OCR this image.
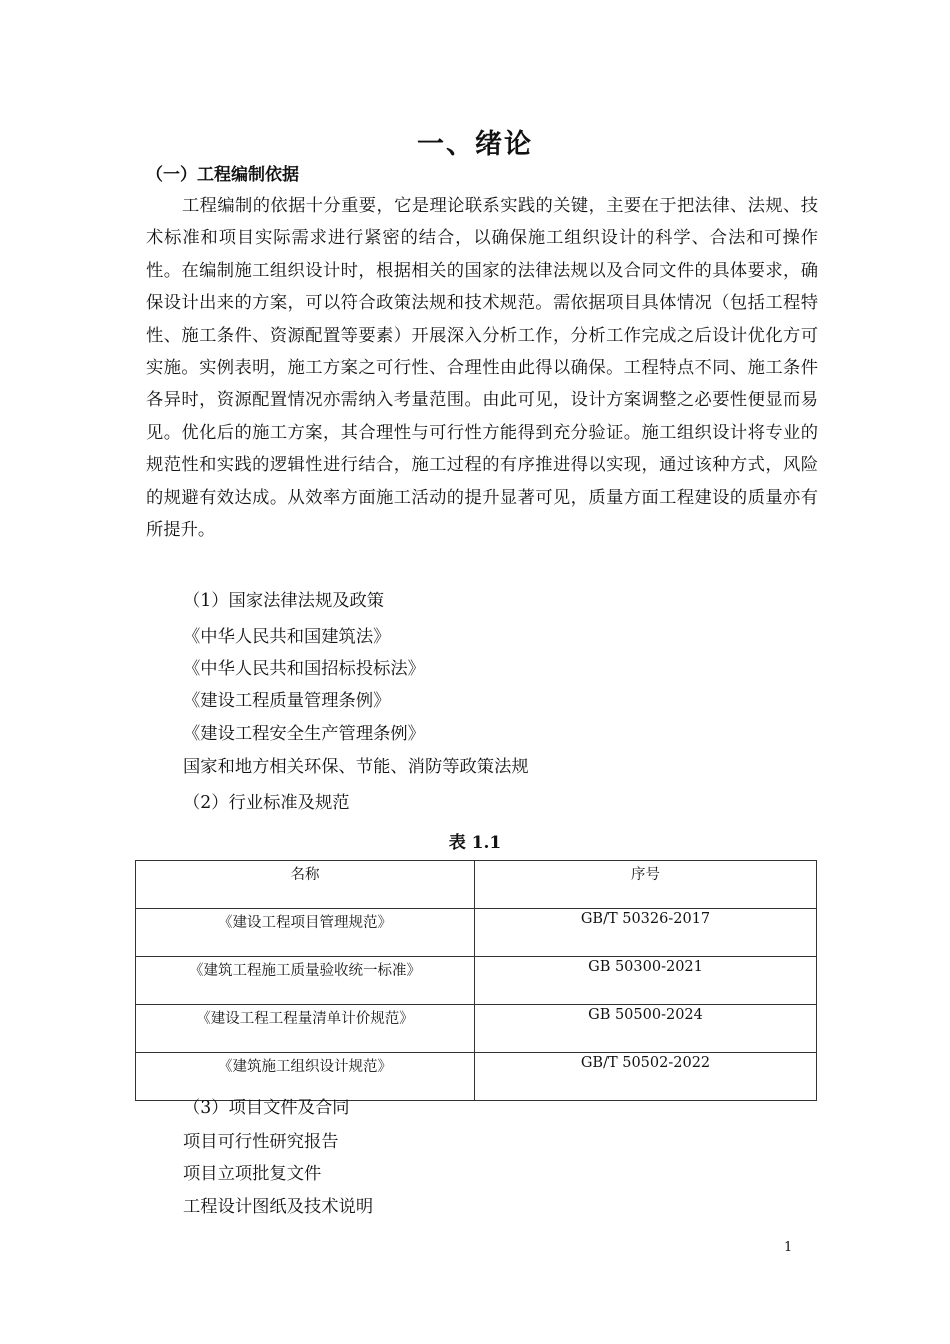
一、绪论
（一）工程编制依据

工程编制的依据十分重要，它是理论联系实践的关键，主要在于把法律、法规、技术标准和项目实际需求进行紧密的结合，以确保施工组织设计的科学、合法和可操作性。在编制施工组织设计时，根据相关的国家的法律法规以及合同文件的具体要求，确保设计出来的方案，可以符合政策法规和技术规范。需依据项目具体情况（包括工程特性、施工条件、资源配置等要素）开展深入分析工作，分析工作完成之后设计优化方可实施。实例表明，施工方案之可行性、合理性由此得以确保。工程特点不同、施工条件各异时，资源配置情况亦需纳入考量范围。由此可见，设计方案调整之必要性便显而易见。优化后的施工方案，其合理性与可行性方能得到充分验证。施工组织设计将专业的规范性和实践的逻辑性进行结合，施工过程的有序推进得以实现，通过该种方式，风险的规避有效达成。从效率方面施工活动的提升显著可见，质量方面工程建设的质量亦有所提升。

（1）国家法律法规及政策
《中华人民共和国建筑法》
《中华人民共和国招标投标法》
《建设工程质量管理条例》
《建设工程安全生产管理条例》
国家和地方相关环保、节能、消防等政策法规
（2）行业标准及规范
表 1.1
名称	序号
《建设工程项目管理规范》	GB/T 50326-2017
《建筑工程施工质量验收统一标准》	GB 50300-2021
《建设工程工程量清单计价规范》	GB 50500-2024
《建筑施工组织设计规范》	GB/T 50502-2022
（3）项目文件及合同
项目可行性研究报告
项目立项批复文件
工程设计图纸及技术说明
1
